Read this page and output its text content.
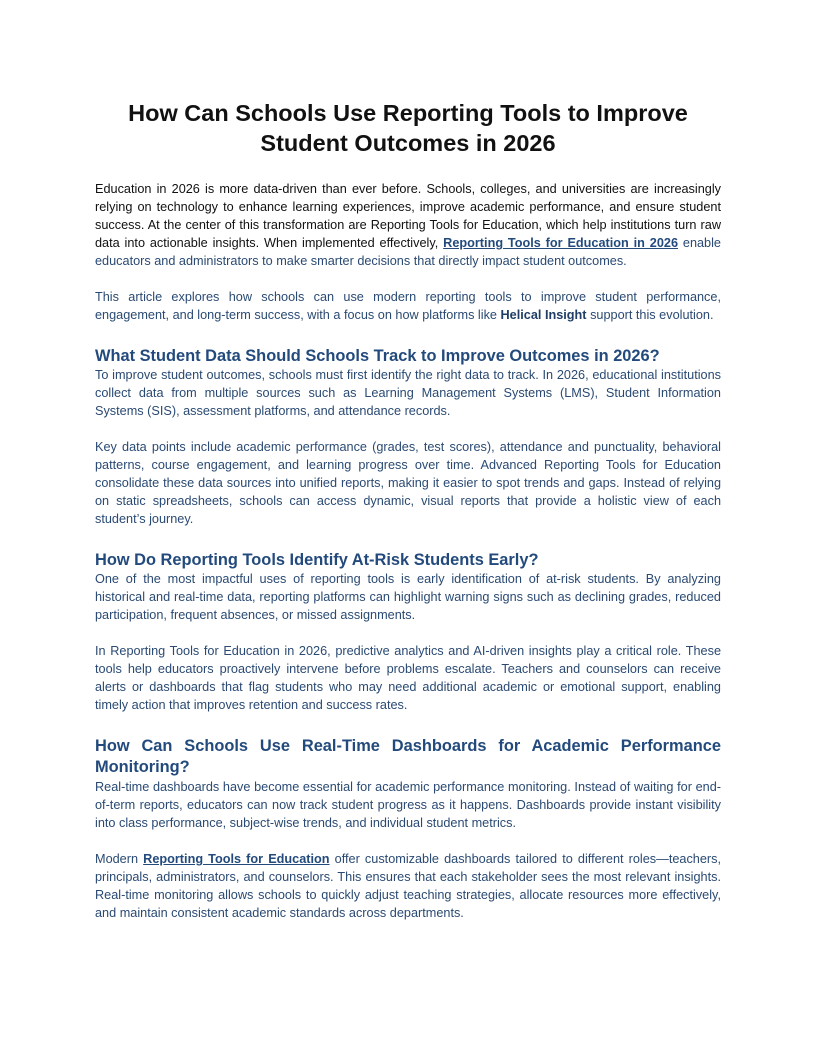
How Can Schools Use Reporting Tools to Improve
Student Outcomes in 2026

Education in 2026 is more data-driven than ever before. Schools, colleges, and universities are increasingly relying on technology to enhance learning experiences, improve academic performance, and ensure student success. At the center of this transformation are Reporting Tools for Education, which help institutions turn raw data into actionable insights. When implemented effectively, Reporting Tools for Education in 2026 enable educators and administrators to make smarter decisions that directly impact student outcomes.

This article explores how schools can use modern reporting tools to improve student performance, engagement, and long-term success, with a focus on how platforms like Helical Insight support this evolution.

What Student Data Should Schools Track to Improve Outcomes in 2026?

To improve student outcomes, schools must first identify the right data to track. In 2026, educational institutions collect data from multiple sources such as Learning Management Systems (LMS), Student Information Systems (SIS), assessment platforms, and attendance records.

Key data points include academic performance (grades, test scores), attendance and punctuality, behavioral patterns, course engagement, and learning progress over time. Advanced Reporting Tools for Education consolidate these data sources into unified reports, making it easier to spot trends and gaps. Instead of relying on static spreadsheets, schools can access dynamic, visual reports that provide a holistic view of each student’s journey.

How Do Reporting Tools Identify At-Risk Students Early?

One of the most impactful uses of reporting tools is early identification of at-risk students. By analyzing historical and real-time data, reporting platforms can highlight warning signs such as declining grades, reduced participation, frequent absences, or missed assignments.

In Reporting Tools for Education in 2026, predictive analytics and AI-driven insights play a critical role. These tools help educators proactively intervene before problems escalate. Teachers and counselors can receive alerts or dashboards that flag students who may need additional academic or emotional support, enabling timely action that improves retention and success rates.

How Can Schools Use Real-Time Dashboards for Academic Performance Monitoring?

Real-time dashboards have become essential for academic performance monitoring. Instead of waiting for end-of-term reports, educators can now track student progress as it happens. Dashboards provide instant visibility into class performance, subject-wise trends, and individual student metrics.

Modern Reporting Tools for Education offer customizable dashboards tailored to different roles—teachers, principals, administrators, and counselors. This ensures that each stakeholder sees the most relevant insights. Real-time monitoring allows schools to quickly adjust teaching strategies, allocate resources more effectively, and maintain consistent academic standards across departments.
